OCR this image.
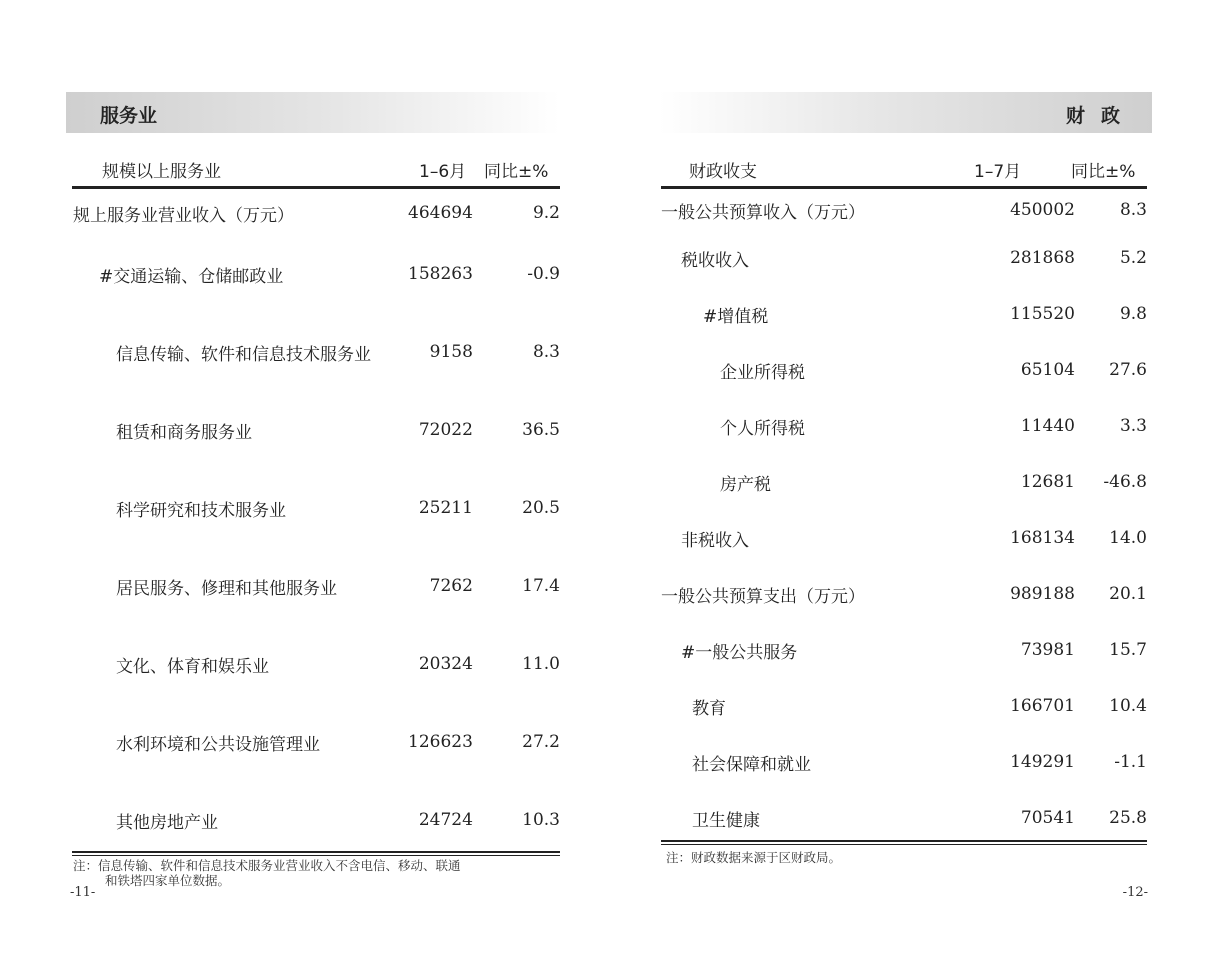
服务业
规模以上服务业	1–6月 同比±%
规上服务业营业收入（万元）	464694	9.2
#交通运输、仓储邮政业	158263	-0.9
信息传输、软件和信息技术服务业	9158	8.3
租赁和商务服务业	72022	36.5
科学研究和技术服务业	25211	20.5
居民服务、修理和其他服务业	7262	17.4
文化、体育和娱乐业	20324	11.0
水利环境和公共设施管理业	126623	27.2
其他房地产业	24724	10.3
注：信息传输、软件和信息技术服务业营业收入不含电信、移动、联通
和铁塔四家单位数据。
-11-
财政
财政收支	1–7月	同比±%
一般公共预算收入（万元）	450002	8.3
税收收入	281868	5.2
#增值税	115520	9.8
企业所得税	65104	27.6
个人所得税	11440	3.3
房产税	12681	-46.8
非税收入	168134	14.0
一般公共预算支出（万元）	989188	20.1
#一般公共服务	73981	15.7
教育	166701	10.4
社会保障和就业	149291	-1.1
卫生健康	70541	25.8
注：财政数据来源于区财政局。
-12-
